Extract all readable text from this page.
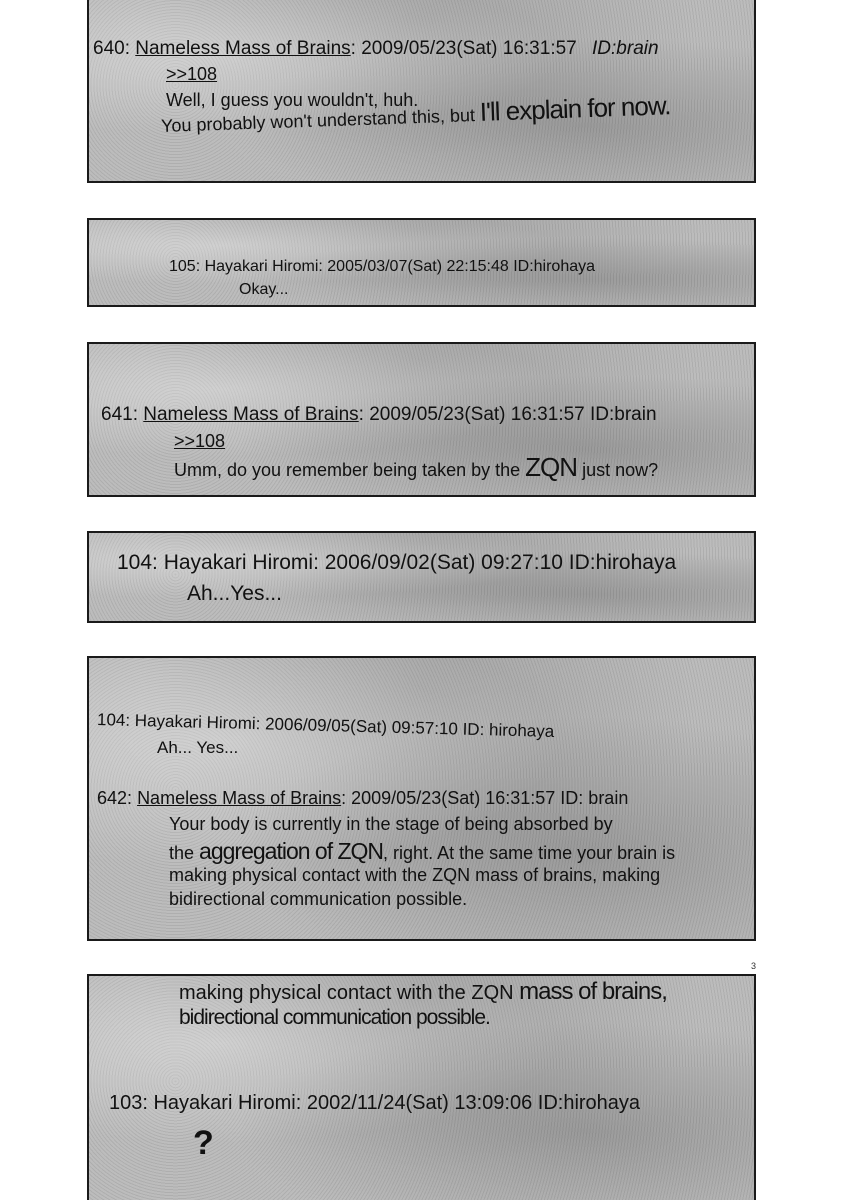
640: Nameless Mass of Brains: 2009/05/23(Sat) 16:31:57 ID:brain
>>108
Well, I guess you wouldn't, huh.
You probably won't understand this, but I'll explain for now.
105: Hayakari Hiromi: 2005/03/07(Sat) 22:15:48 ID:hirohaya
Okay...
641: Nameless Mass of Brains: 2009/05/23(Sat) 16:31:57 ID:brain
>>108
Umm, do you remember being taken by the ZQN just now?
104: Hayakari Hiromi: 2006/09/02(Sat) 09:27:10 ID:hirohaya
Ah...Yes...
104: Hayakari Hiromi: 2006/09/05(Sat) 09:57:10 ID: hirohaya
Ah... Yes...
642: Nameless Mass of Brains: 2009/05/23(Sat) 16:31:57 ID: brain
Your body is currently in the stage of being absorbed by
the aggregation of ZQN, right. At the same time your brain is
making physical contact with the ZQN mass of brains, making
bidirectional communication possible.
3
making physical contact with the ZQN mass of brains,
bidirectional communication possible.
103: Hayakari Hiromi: 2002/11/24(Sat) 13:09:06 ID:hirohaya
?
